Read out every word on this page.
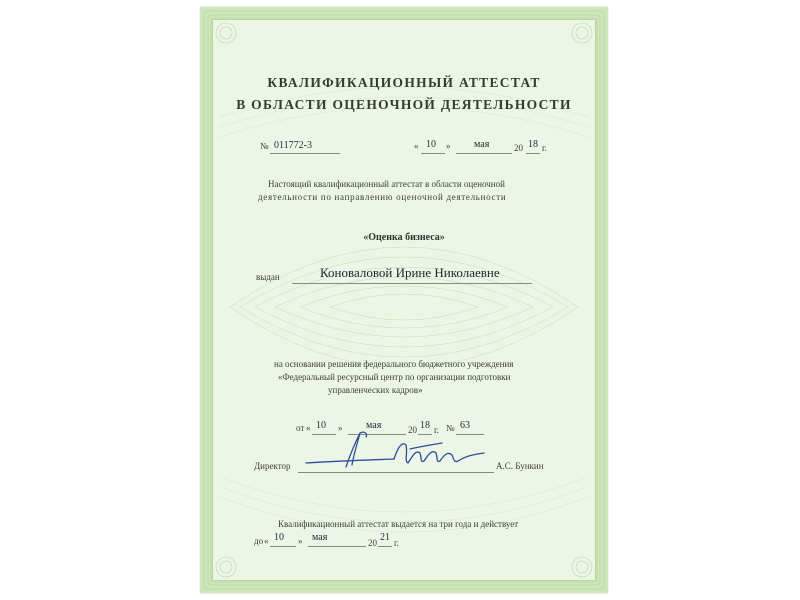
КВАЛИФИКАЦИОННЫЙ АТТЕСТАТ
В ОБЛАСТИ ОЦЕНОЧНОЙ ДЕЯТЕЛЬНОСТИ
№ 011772-3	« 10 » мая	20 18 г.
Настоящий квалификационный аттестат в области оценочной
деятельности по направлению оценочной деятельности
«Оценка бизнеса»
выдан	Коноваловой Ирине Николаевне
на основании решения федерального бюджетного учреждения
«Федеральный ресурсный центр по организации подготовки
управленческих кадров»
от « 10 » мая	20 18 г. № 63
Директор	А.С. Бункин
Квалификационный аттестат выдается на три года и действует
до « 10 » мая	20 21 г.
